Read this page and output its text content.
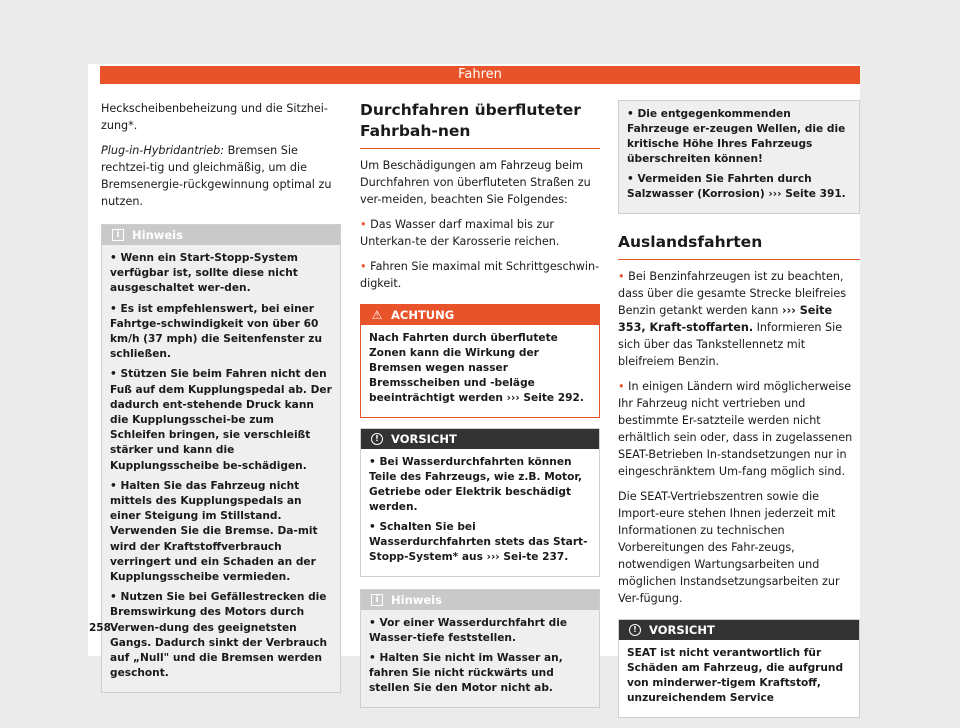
Fahren

Heckscheibenbeheizung und die Sitzhei-zung*.

Plug-in-Hybridantrieb: Bremsen Sie rechtzei-tig und gleichmäßig, um die Bremsenergie-rückgewinnung optimal zu nutzen.

i	Hinweis

• Wenn ein Start-Stopp-System verfügbar ist, sollte diese nicht ausgeschaltet wer-den.

• Es ist empfehlenswert, bei einer Fahrtge-schwindigkeit von über 60 km/h (37 mph) die Seitenfenster zu schließen.

• Stützen Sie beim Fahren nicht den Fuß auf dem Kupplungspedal ab. Der dadurch ent-stehende Druck kann die Kupplungsschei-be zum Schleifen bringen, sie verschleißt stärker und kann die Kupplungsscheibe be-schädigen.

• Halten Sie das Fahrzeug nicht mittels des Kupplungspedals an einer Steigung im Stillstand. Verwenden Sie die Bremse. Da-mit wird der Kraftstoffverbrauch verringert und ein Schaden an der Kupplungsscheibe vermieden.

• Nutzen Sie bei Gefällestrecken die Bremswirkung des Motors durch Verwen-dung des geeignetsten Gangs. Dadurch sinkt der Verbrauch auf „Null" und die Bremsen werden geschont.

Durchfahren überfluteter Fahrbah-nen

Um Beschädigungen am Fahrzeug beim Durchfahren von überfluteten Straßen zu ver-meiden, beachten Sie Folgendes:

• Das Wasser darf maximal bis zur Unterkan-te der Karosserie reichen.

• Fahren Sie maximal mit Schrittgeschwin-digkeit.

⚠ ACHTUNG

Nach Fahrten durch überflutete Zonen kann die Wirkung der Bremsen wegen nasser Bremsscheiben und -beläge beeinträchtigt werden ››› Seite 292.

!	VORSICHT

• Bei Wasserdurchfahrten können Teile des Fahrzeugs, wie z.B. Motor, Getriebe oder Elektrik beschädigt werden.

• Schalten Sie bei Wasserdurchfahrten stets das Start-Stopp-System* aus ››› Sei-te 237.

i	Hinweis

• Vor einer Wasserdurchfahrt die Wasser-tiefe feststellen.

• Halten Sie nicht im Wasser an, fahren Sie nicht rückwärts und stellen Sie den Motor nicht ab.

• Die entgegenkommenden Fahrzeuge er-zeugen Wellen, die die kritische Höhe Ihres Fahrzeugs überschreiten können!

• Vermeiden Sie Fahrten durch Salzwasser (Korrosion) ››› Seite 391.

Auslandsfahrten

• Bei Benzinfahrzeugen ist zu beachten, dass über die gesamte Strecke bleifreies Benzin getankt werden kann ››› Seite 353, Kraft-stoffarten. Informieren Sie sich über das Tankstellennetz mit bleifreiem Benzin.

• In einigen Ländern wird möglicherweise Ihr Fahrzeug nicht vertrieben und bestimmte Er-satzteile werden nicht erhältlich sein oder, dass in zugelassenen SEAT-Betrieben In-standsetzungen nur in eingeschränktem Um-fang möglich sind.

Die SEAT-Vertriebszentren sowie die Import-eure stehen Ihnen jederzeit mit Informationen zu technischen Vorbereitungen des Fahr-zeugs, notwendigen Wartungsarbeiten und möglichen Instandsetzungsarbeiten zur Ver-fügung.

!	VORSICHT

SEAT ist nicht verantwortlich für Schäden am Fahrzeug, die aufgrund von minderwer-tigem Kraftstoff, unzureichendem Service

258
